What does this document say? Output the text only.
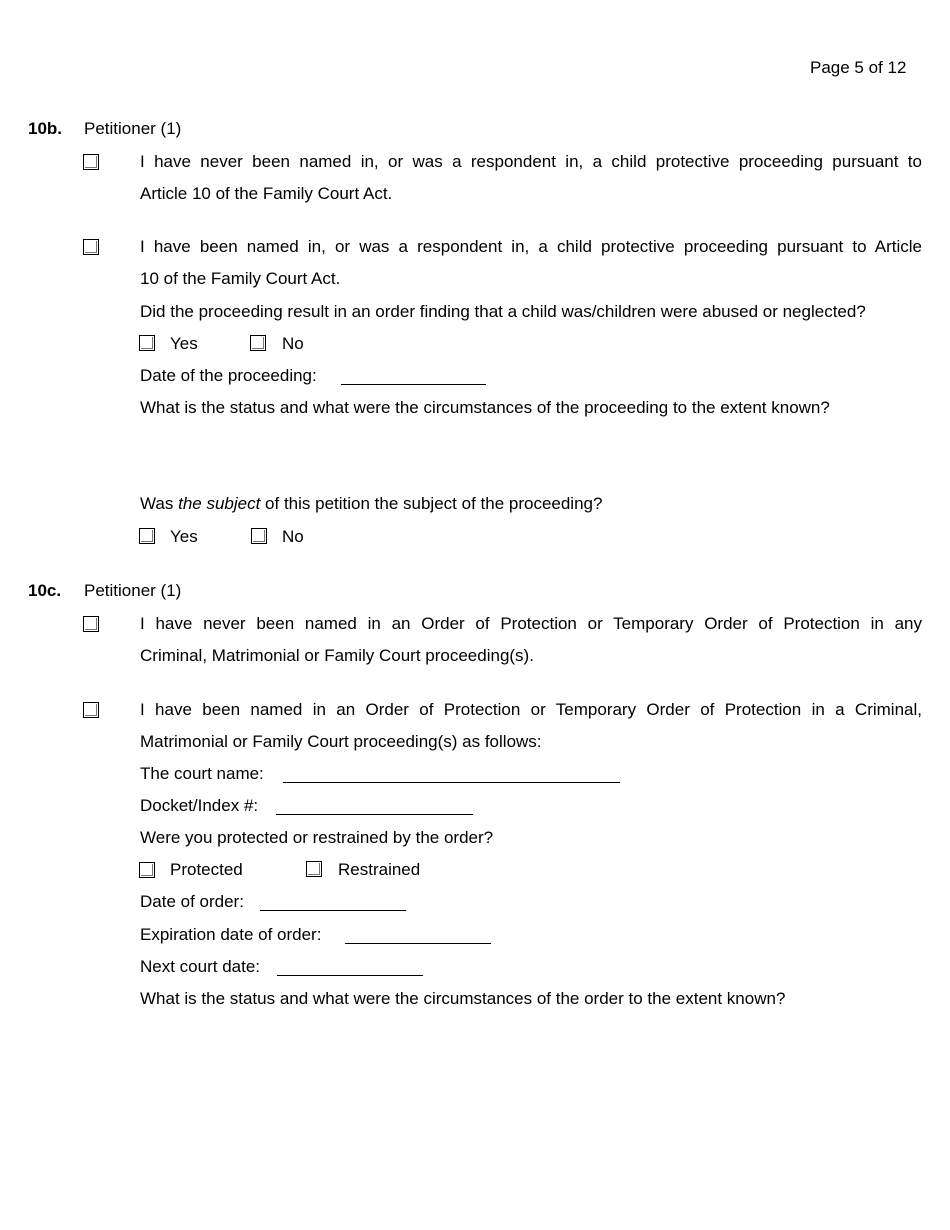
Page 5 of 12
10b. Petitioner (1)
I have never been named in, or was a respondent in, a child protective proceeding pursuant to
Article 10 of the Family Court Act.
I have been named in, or was a respondent in, a child protective proceeding pursuant to Article
10 of the Family Court Act.
Did the proceeding result in an order finding that a child was/children were abused or neglected?
Yes	No
Date of the proceeding:
What is the status and what were the circumstances of the proceeding to the extent known?
Was the subject of this petition the subject of the proceeding?
Yes	No
10c. Petitioner (1)
I have never been named in an Order of Protection or Temporary Order of Protection in any
Criminal, Matrimonial or Family Court proceeding(s).
I have been named in an Order of Protection or Temporary Order of Protection in a Criminal,
Matrimonial or Family Court proceeding(s) as follows:
The court name:
Docket/Index #:
Were you protected or restrained by the order?
Protected	Restrained
Date of order:
Expiration date of order:
Next court date:
What is the status and what were the circumstances of the order to the extent known?
